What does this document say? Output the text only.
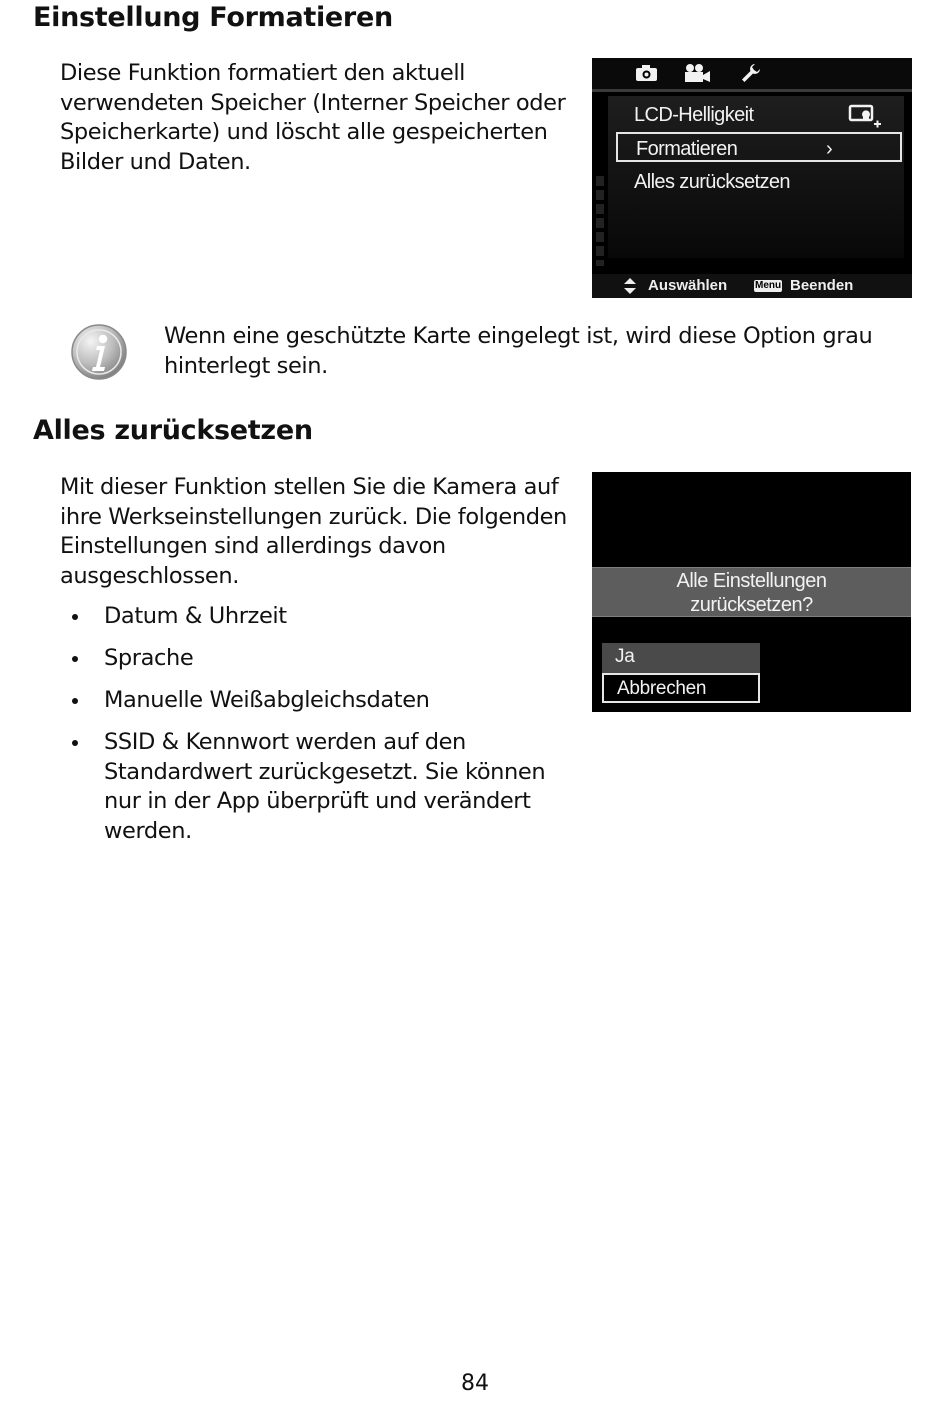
Einstellung Formatieren

Diese Funktion formatiert den aktuell
verwendeten Speicher (Interner Speicher oder
Speicherkarte) und löscht alle gespeicherten
Bilder und Daten.

LCD-Helligkeit
Formatieren	›
Alles zurücksetzen
Auswählen	Menu Beenden

Wenn eine geschützte Karte eingelegt ist, wird diese Option grau
hinterlegt sein.

Alles zurücksetzen

Mit dieser Funktion stellen Sie die Kamera auf
ihre Werkseinstellungen zurück. Die folgenden
Einstellungen sind allerdings davon
ausgeschlossen.

Datum & Uhrzeit
Sprache
Manuelle Weißabgleichsdaten
SSID & Kennwort werden auf den
Standardwert zurückgesetzt. Sie können
nur in der App überprüft und verändert
werden.
Alle Einstellungen
zurücksetzen?
Ja
Abbrechen
84
